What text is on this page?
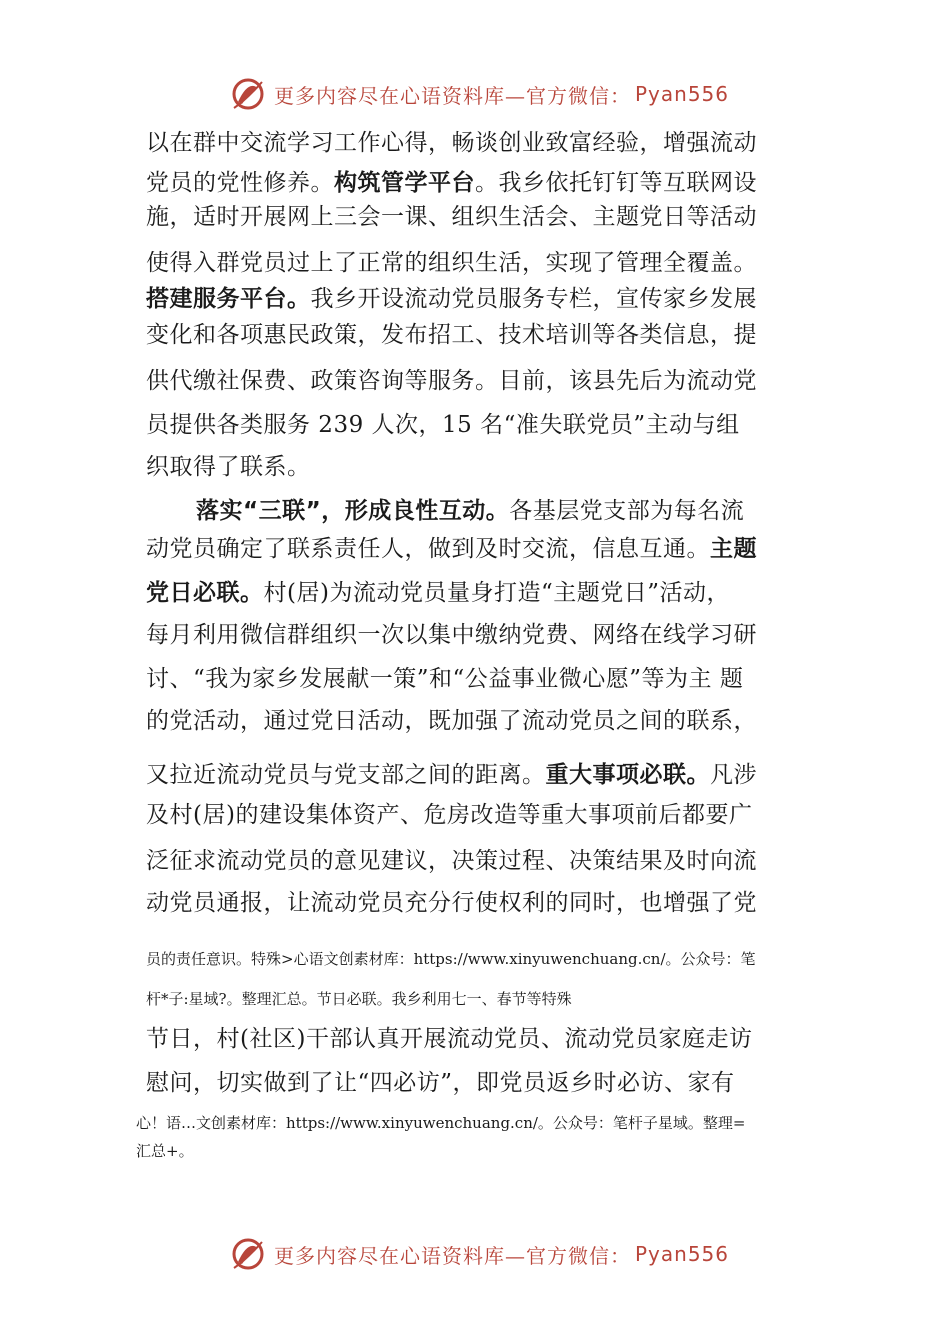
更多内容尽在心语资料库—官方微信： Pyan556

以在群中交流学习工作心得，畅谈创业致富经验，增强流动

党员的党性修养。构筑管学平台。我乡依托钉钉等互联网设

施，适时开展网上三会一课、组织生活会、主题党日等活动

使得入群党员过上了正常的组织生活，实现了管理全覆盖。

搭建服务平台。我乡开设流动党员服务专栏，宣传家乡发展

变化和各项惠民政策，发布招工、技术培训等各类信息，提

供代缴社保费、政策咨询等服务。目前，该县先后为流动党

员提供各类服务 239 人次，15 名“准失联党员”主动与组

织取得了联系。

落实“三联”，形成良性互动。各基层党支部为每名流

动党员确定了联系责任人，做到及时交流，信息互通。主题

党日必联。村(居)为流动党员量身打造“主题党日”活动，

每月利用微信群组织一次以集中缴纳党费、网络在线学习研

讨、“我为家乡发展献一策”和“公益事业微心愿”等为主 题

的党活动，通过党日活动，既加强了流动党员之间的联系，

又拉近流动党员与党支部之间的距离。重大事项必联。凡涉

及村(居)的建设集体资产、危房改造等重大事项前后都要广

泛征求流动党员的意见建议，决策过程、决策结果及时向流

动党员通报，让流动党员充分行使权利的同时，也增强了党

员的责任意识。特殊>心语文创素材库：https://www.xinyuwenchuang.cn/。公众号：笔

杆*子:星域?。整理汇总。节日必联。我乡利用七一、春节等特殊

节日，村(社区)干部认真开展流动党员、流动党员家庭走访

慰问，切实做到了让“四必访”，即党员返乡时必访、家有

心！语…文创素材库：https://www.xinyuwenchuang.cn/。公众号：笔杆子星域。整理=

汇总+。

更多内容尽在心语资料库—官方微信： Pyan556
